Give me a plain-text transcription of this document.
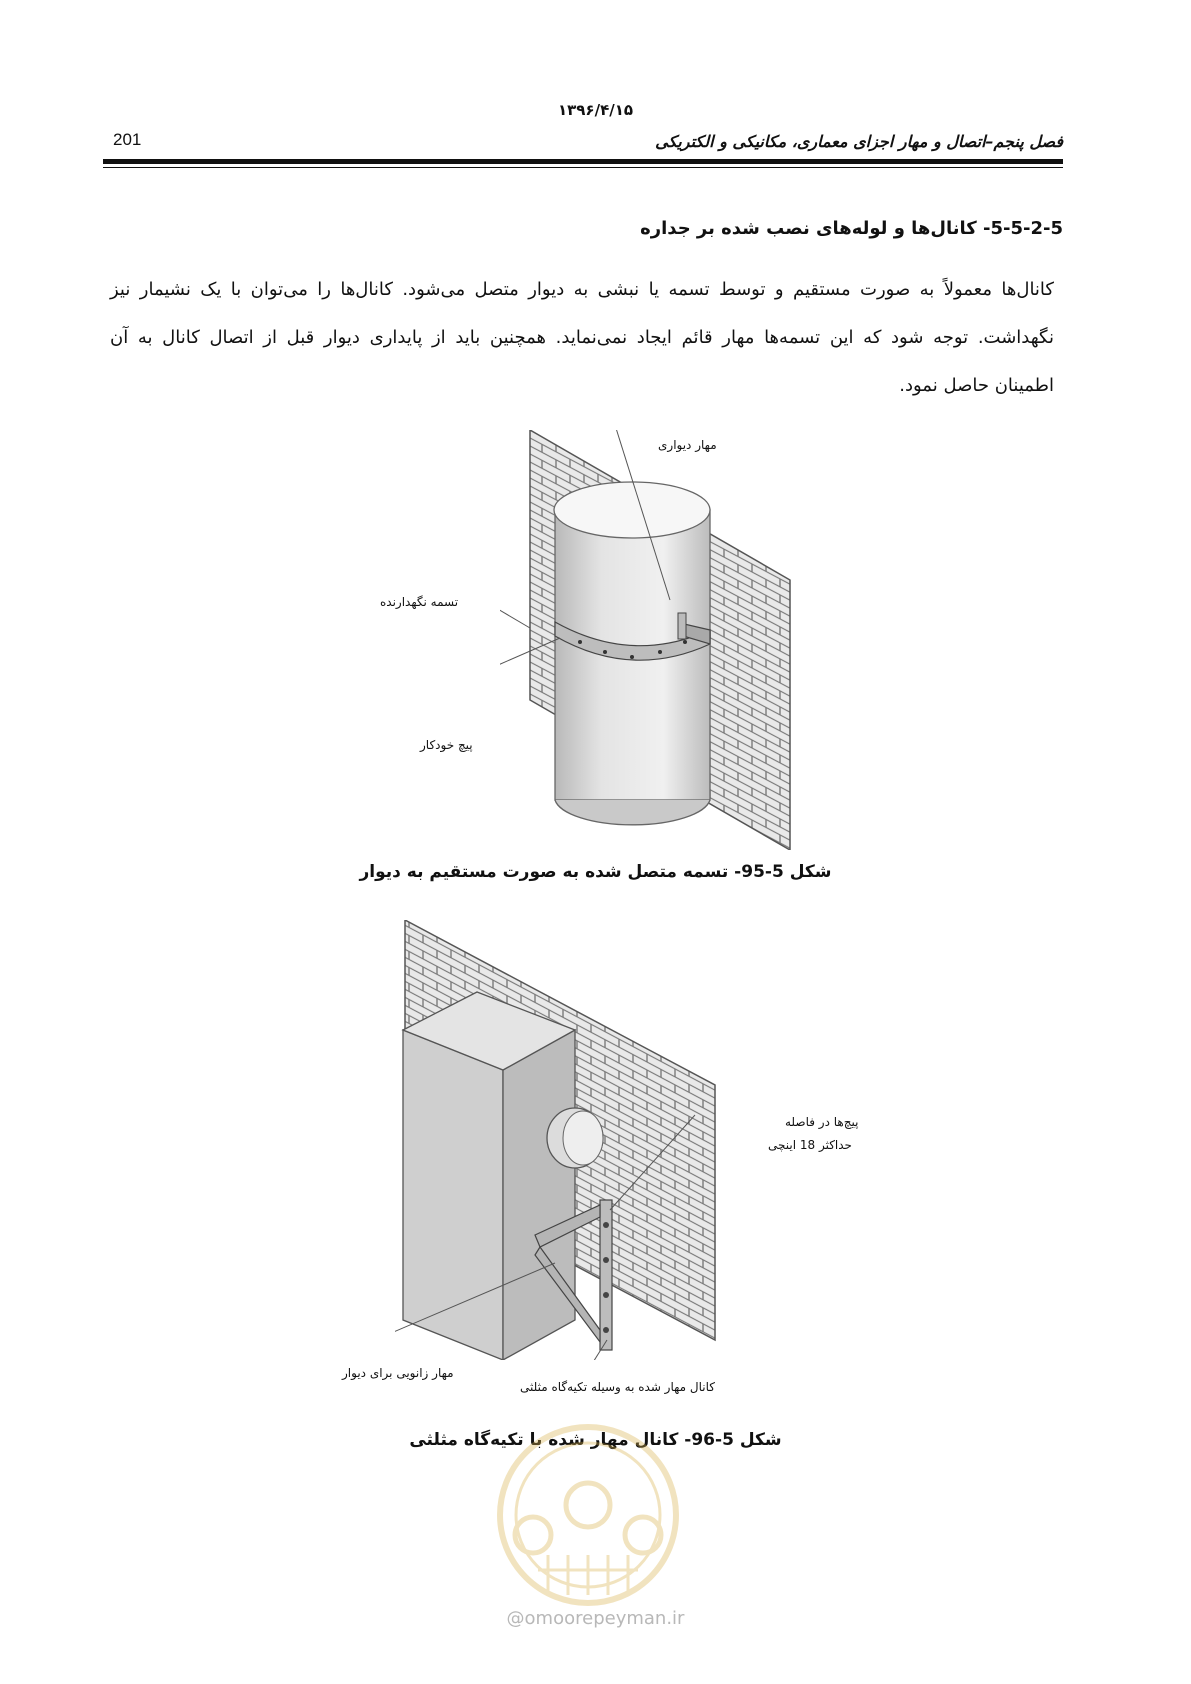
201
۱۳۹۶/۴/۱۵
فصل پنجم–اتصال و مهار اجزای معماری، مکانیکی و الکتریکی
5-5-2-5- کانال‌ها و لوله‌های نصب شده بر جداره
کانال‌ها معمولاً به صورت مستقیم و توسط تسمه یا نبشی به دیوار متصل می‌شود. کانال‌ها را می‌توان با یک نشیمار نیز
نگهداشت. توجه شود که این تسمه‌ها مهار قائم ایجاد نمی‌نماید. همچنین باید از پایداری دیوار قبل از اتصال کانال به آن
اطمینان حاصل نمود.
مهار دیواری
تسمه نگهدارنده
پیچ خودکار
شکل 5-95- تسمه متصل شده به صورت مستقیم به دیوار
پیچ‌ها در فاصله
حداکثر 18 اینچی
مهار زانویی برای دیوار
کانال مهار شده به وسیله تکیه‌گاه مثلثی
شکل 5-96- کانال مهار شده با تکیه‌گاه مثلثی
@omoorepeyman.ir
